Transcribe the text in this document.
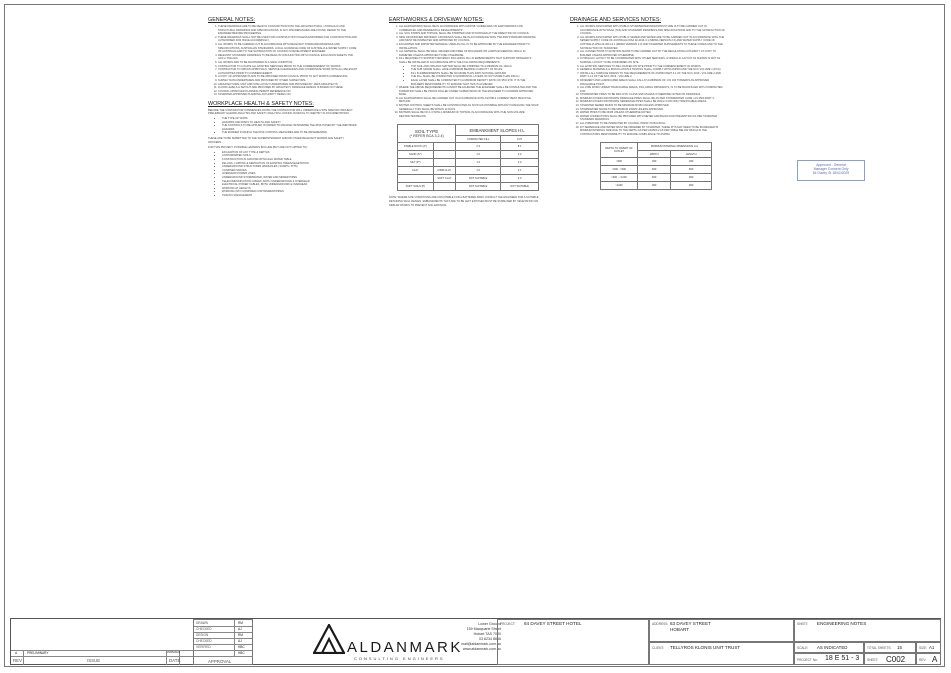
GENERAL NOTES:
1. THESE DRAWINGS ARE TO BE READ IN CONJUNCTION WITH THE ARCHITECTURAL, HYDRAULIC AND STRUCTURAL DRAWINGS AND SPECIFICATIONS. IF ANY DISCREPANCIES ARE FOUND, REFER TO THE ENGINEER BEFORE PROCEEDING.
2. THESE DRAWINGS SHALL NOT BE USED FOR CONSTRUCTION UNLESS ENDORSED FOR CONSTRUCTION AND AUTHORISED FOR ISSUE ACCORDINGLY.
3. ALL WORKS TO BE CARRIED OUT IN ACCORDANCE WITH RELEVANT STANDARD DRAWINGS AND SPECIFICATIONS, AUSTRALIAN STANDARDS, LOCAL GUIDANCE CODE OF AUSTRALIA & WATER SUPPLY CODE OF AUSTRALIA AND TO THE SATISFACTION OF COUNCIL'S DEVELOPMENT ENGINEER.
4. RELEVANT STANDARD DRAWINGS TO BE READ IN CONJUNCTION WITH COUNCIL EXCLUSION SHEETS TSD-G01 to TSD-G04.
5. ALL WORKS ARE TO BE MAINTAINED IN A SAFE CONDITION.
6. CONTRACTOR TO LOCATE ALL EXISTING SERVICES PRIOR TO THE COMMENCEMENT OF WORKS.
7. CONTRACTOR TO OBTAIN APPROVALS, SERVICE CLEARANCES AND COORDINATE WORK WITH ALL RELEVANT AUTHORITIES PRIOR TO COMMENCEMENT.
8. A COPY OF APPROVED PLANS TO BE OBTAINED FROM COUNCIL PRIOR TO ANY WORKS COMMENCING.
9. SURVEY DATA UNDERTAKEN AND PROVIDED BY OTHER SURVEYORS.
10. ARCHITECTURAL UNIT AND SITE LAYOUT UNDERTAKEN AND PROVIDED BY JAWS ARCHITECTS.
11. FLOOR LEVELS & SETOUT ARE PROVIDED BY ARCHITECT. DRAINAGE DESIGN IS BASED ON THESE.
12. COUNCIL APPROVED PLANNING PERMIT REFERENCE NO.
13. TASWATER APPROVED PLANNING AUTHORITY REFEC NO.
WORKPLACE HEALTH & SAFETY NOTES:

BEFORE THE CONTRACTOR COMMENCES DOING THE CONTRACTOR WILL UNDERTAKE A SITE SPECIFIC PROJECT PRELIMINARY HAZARD ANALYSIS AND SAFETY ANALYSIS LOOKING IN DETAIL TO IDENTIFY IN DOCUMENTATION:

• THE TYPE OF WORK
• HAZARDS AND RISKS TO HEALTH AND SAFETY
• THE CONTROLS TO BE APPLIED IN ORDER TO MANAGE OR MINIMISE THE RISK POSED BY THE IDENTIFIED HAZARDS
• THE MANNER IN WHICH THE RISK CONTROL MEASURES ARE TO BE IMPLEMENTED

THESE ARE TO BE SUBMITTED TO THE SUPERINTENDENT AND/OR OTHER RELEVANT WORKPLACE SAFETY OFFICERS.

FOR THIS PROJECT, POSSIBLE HAZARDS INCLUDE (BUT ARE NOT LIMITED TO):

• EXCAVATION OF ANY TYPE & DEPTHS
• CONTAMINATED SOILS
• CONSTRUCTION IN GROUND WITH HIGH WATER TABLE
• FELLING, LOPPING & DEMOLITION OF EXISTING TREES/VEGETATION
• UNDERGROUND STRUCTURES (MANHOLES / SUMPS / PITS)
• CONFINED SPACES
• OVERHEAD POWER LINES
• UNDERGROUND STORMWATER, WATER AND SEWER PIPES
• TELECOMMUNICATION CABLES, BOTH UNDERGROUND & OVERHEAD
• ELECTRICAL POWER CABLES, BOTH UNDERGROUND & OVERHEAD
• WORKING AT HEIGHTS
• WORKING INTO CONFINED CONTAINMENT/PIPES
• TRAFFIC MANAGEMENT
EARTHWORKS & DRIVEWAY NOTES:
1. ALL EARTHWORKS SHALL BE IN ACCORDANCE WITH AS3798 "GUIDELINES ON EARTHWORKS FOR COMMERCIAL AND RESIDENTIAL DEVELOPMENTS".
2. ALL SOIL STRIPS AND TOPSOIL SHALL BE STRIPPED AND STOCKPILED AT THE DIRECTION OF COUNCIL.
3. NEW OR MODIFIED DRIVEWAY CROSSINGS SHALL BE IN ACCORDANCE WITH TSD-R09 STANDARD DRAWING AND MUST BE INSPECTED AND APPROVED BY COUNCIL.
4. EXCAVATED AND IMPORTED MATERIAL USED AS FILL IS TO BE APPROVED BY THE ENGINEER PRIOR TO INSTALLATION.
5. ALL MATERIAL SHALL BE WELL GRADED AND FREE OF BOULDERS OR LUMPS EXCEEDING 100mm IN DIAMETER UNLESS APPROVED TO BE OTHERWISE.
6. FILL REQUIRED TO SUPPORT DRIVEWAY INCLUDING FILL IN EMBANKMENTS THAT SUPPORT DRIVEWAYS SHALL BE INSTALLED IN ACCORDANCE WITH THE FOLLOWING REQUIREMENTS:
• TOP SOIL AND ORGANIC MATTER SHALL BE STRIPPED TO A MINIMUM OF 100mm
• THE SUB GRADE SHALL HAVE A MINIMUM BEARING CAPACITY OF 50 kPa
• FILL IN EMBANKMENTS SHALL BE NO MORE THAN 200% NATURAL GROUND
• THE FILL SHALL BE COMPACTED IN HORIZONTAL LAYERS OF NOT MORE THAN 200mm
• EACH LAYER SHALL BE COMPACTED TO A MINIMUM DENSITY RATIO OF 95% STD. IT IS THE BUILDERS RESPONSIBILITY TO ENSURE THAT THIS IS ACHIEVED
7. WHERE THE ABOVE REQUIREMENTS CANNOT BE ACHIEVED THE ENGINEER SHALL BE CONSULTED AND THE FORMATION SHALL BE PROOF ROLLED UNDER SUPERVISION OF THE ENGINEER TO CONFIRM APPROVED BASE.
8. ALL EARTHWORKS SHALL BE CARRIED OUT IN ACCORDANCE WITH AS3798 & CURRENT BEST PRACTICE METHOD.
9. BATTER CONTROL SHEETS SHALL BE CONSTRUCTED AS SOON AS POSSIBLE WITHOUT DAMAGING THE SOAP. GENERALLY THIS SHALL BE WITHIN 14 DAYS.
10. BATTERS SHALL BE NO 1:3 WITH A MINIMUM OF TOPSOIL IN ACCORDANCE WITH THE NON-VOLUME RESTRICTED BELOW.
SOIL TYPE
(* REFER BCA 3.2.4)		EMBANKMENT SLOPES H:L	
		COMPACTED FILL	CUT
STABLE ROCK (A*)		2:3	8:1
SAND (S*)		1:2	1:2
SILT (P*)		1:4	1:4
CLAY	FIRM CLAY	1:2	1:1
	SOFT CLAY	NOT SUITABLE	2:3
SOFT SOILS (P)		NOT SUITABLE	NOT SUITABLE

NOTE: WHERE SITE CONDITIONS ARE UNSUITABLE FOR A BATTERED BANK CONSULT THE ENGINEER FOR A SUITABLE RETAINING WALL DESIGN. EMBANKMENTS THAT ARE TO BE LEFT EXPOSED MUST BE STABILISED BY VEGETATION OR SIMILAR WORKS TO PREVENT SOIL EROSION.

DRAINAGE AND SERVICES NOTES:
1. ALL WORKS ASSOCIATED WITH PUBLIC STORMWATER INFRASTRUCTURE IS TO BE CARRIED OUT IN ACCORDANCE WITH WSAA (TAS) AND STANDARD DRAWINGS AND SPECIFICATIONS AND TO THE SATISFACTION OF COUNCIL.
2. ALL WORKS ASSOCIATED WITH PUBLIC SEWER AND WATER ARE TO BE CARRIED OUT IN ACCORDANCE WITH THE SEWER SUPPLY CODE OF AUSTRALIA WSA 02-2014-3.1 (MRWA VERSION 2.0) AND WATER SUPPLY CODE OF AUSTRALIA WSA 03-2011-3.1 (MRWA VERSION 2.0) AND TASWATER SUPPLEMENTS TO THESE CODES AND TO THE SATISFACTION OF TASWATER.
3. ALL CONNECTIONS TO EXISTING MAINS TO BE CARRIED OUT BY THE REGULATING AUTHORITY AT COST TO BUILDER UNLESS APPROVED OTHERWISE.
4. HYDRAULIC LAYOUT TO BE COORDINATED WITH OTHER SERVICES. HYDRAULIC LAYOUT AS SHOWN IS NOT AS NOMINAL LAYOUT TO BE CONFIRMED ON SITE.
5. ALL EXISTING SERVICES TO BE LOCATED ON SITE PRIOR TO THE COMMENCEMENT OF WORKS.
6. GENERAL MATERIALS & INSTALLATION & TESTING SHALL COMPLY WITH AS3500 AND THE NCC VOLUME 1 (PCA).
7. INSTALL ALL SURFACE DRAINS TO THE REQUIREMENTS OF AS3500 PART 3.1 OF THE NCC 2019 - VOLUME 2 AND PART 3.1.2 OF THE NCC 2019 - VOLUME 2.
8. PAVEMENT AND LANDSCAPED AREAS SHALL FALL AT A MINIMUM OF 1 IN 100 TOWARDS AN APPROVED DISCHARGE POINT.
9. ALL PIPE WORK UNDER TRAFFICABLE AREAS, INCLUDING DRIVEWAYS, IS TO BE BACKFILLED WITH COMPACTED FCR.
10. STORMWATER PIPES TO BE RRJ uPVC CLASS SN8 UNLESS OTHERWISE NOTED ON DRAWINGS.
11. MINIMUM COVER FOR PRIVATE DRAINAGE PIPES SHALL BE AS PER STORMWATER CODE / AS 3500 PART 3.
12. MINIMUM COVER FOR PRIVATE SEWERAGE PIPES SHALL BE 300mm FOR NON-TRAFFICABLE AREAS.
13. TASWATER SEWER MAINS TO BE MINIMUM DN150 UNLESS APPROVED.
14. STORMWATER MAINS TO BE MINIMUM DN225 UNLESS APPROVED.
15. WATER PIPES TO BE DN25 UNLESS OTHERWISE NOTED.
16. WATER CONNECTIONS SHALL BE PROVIDED WITH METER AND BACKFLOW PREVENTION AS PER TASWATER STANDARD DRAWINGS.
17. ALL PIPEWORK TO BE INSPECTED BY COUNCIL PRIOR TO BACKFILL.
18. FIT SEWERAGE AND WATER MUST BE ORDERED BY TASWATER. THESE PITS MAY NEED TO BE INCREASED IN MINIMUM INTERNAL SIZE DUE TO THE DEPTH AS PER AS3500.2 AS PER TABLE BELOW WHICH IN THE CONTRACTORS RESPONSIBILITY TO ENSURE COMPLIANCE TO AS3500.
DEPTH TO INVERT OF OUTLET	MINIMUM INTERNAL DIMENSIONS mm	
	WIDTH	LENGTH
<600	450	450
>600 - <900	600	600
>900 - <1200	600	900
>1200	900	900
Approved - General
Manager Consent Only
54 Davey St 18/02/2025
A	PRELIMINARY	20/05/2024
REV	ISSUE	DATE
DRAWN	RM
CHECKED	AJ
DESIGN	RM
CHECKED	AJ
VERIFIED	HBC
HBC
APPROVAL
ALDANMARK
CONSULTING ENGINEERS
Lower Ground
159 Macquarie Street
Hobart TAS 7000
03 6234 8666
mail@aldanmark.com.au
www.aldanmark.com.au
PROJECT: 64 DAVEY STREET HOTEL	ADDRESS: 63 DAVEY STREET
HOBART
CLIENT: TELLYROS KLONIS UNIT TRUST
SHEET: ENGINEERING NOTES
SCALE: AS INDICATED	TOTAL SHEETS: 15	SIZE: A1
PROJECT No: 18 E 51 - 3 SHEET: C002	REV: A
